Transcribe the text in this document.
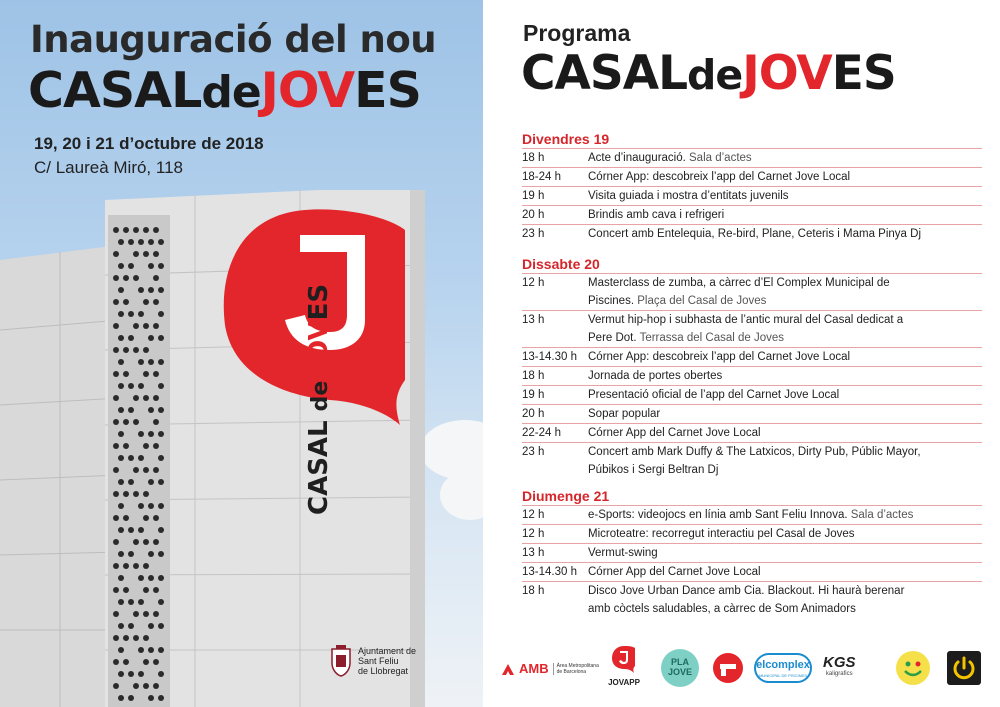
Inauguració del nou
CASALdeJOVES
19, 20 i 21 d’octubre de 2018
C/ Laureà Miró, 118
CASAL de JOVES
Ajuntament de
Sant Feliu
de Llobregat
Programa
CASALdeJOVES
Divendres 19
18 h	Acte d’inauguració. Sala d’actes
18-24 h	Córner App: descobreix l’app del Carnet Jove Local
19 h	Visita guiada i mostra d’entitats juvenils
20 h	Brindis amb cava i refrigeri
23 h	Concert amb Entelequia, Re-bird, Plane, Ceteris i Mama Pinya Dj
Dissabte 20
12 h	Masterclass de zumba, a càrrec d’El Complex Municipal de
Piscines. Plaça del Casal de Joves
13 h	Vermut hip-hop i subhasta de l’antic mural del Casal dedicat a
Pere Dot. Terrassa del Casal de Joves
13-14.30 h Córner App: descobreix l’app del Carnet Jove Local
18 h	Jornada de portes obertes
19 h	Presentació oficial de l’app del Carnet Jove Local
20 h	Sopar popular
22-24 h	Córner App del Carnet Jove Local
23 h	Concert amb Mark Duffy & The Latxicos, Dirty Pub, Públic Mayor,
Púbikos i Sergi Beltran Dj
Diumenge 21
12 h	e-Sports: videojocs en línia amb Sant Feliu Innova. Sala d’actes
12 h	Microteatre: recorregut interactiu pel Casal de Joves
13 h	Vermut-swing
13-14.30 h Córner App del Carnet Jove Local
18 h	Disco Jove Urban Dance amb Cia. Blackout. Hi haurà berenar
amb còctels saludables, a càrrec de Som Animadors
AMB	Àrea Metropolitana
de Barcelona
JOVAPP
PLA
JOVE
elcomplex
MUNICIPAL DE PISCINES
KGS
kaligrafics
